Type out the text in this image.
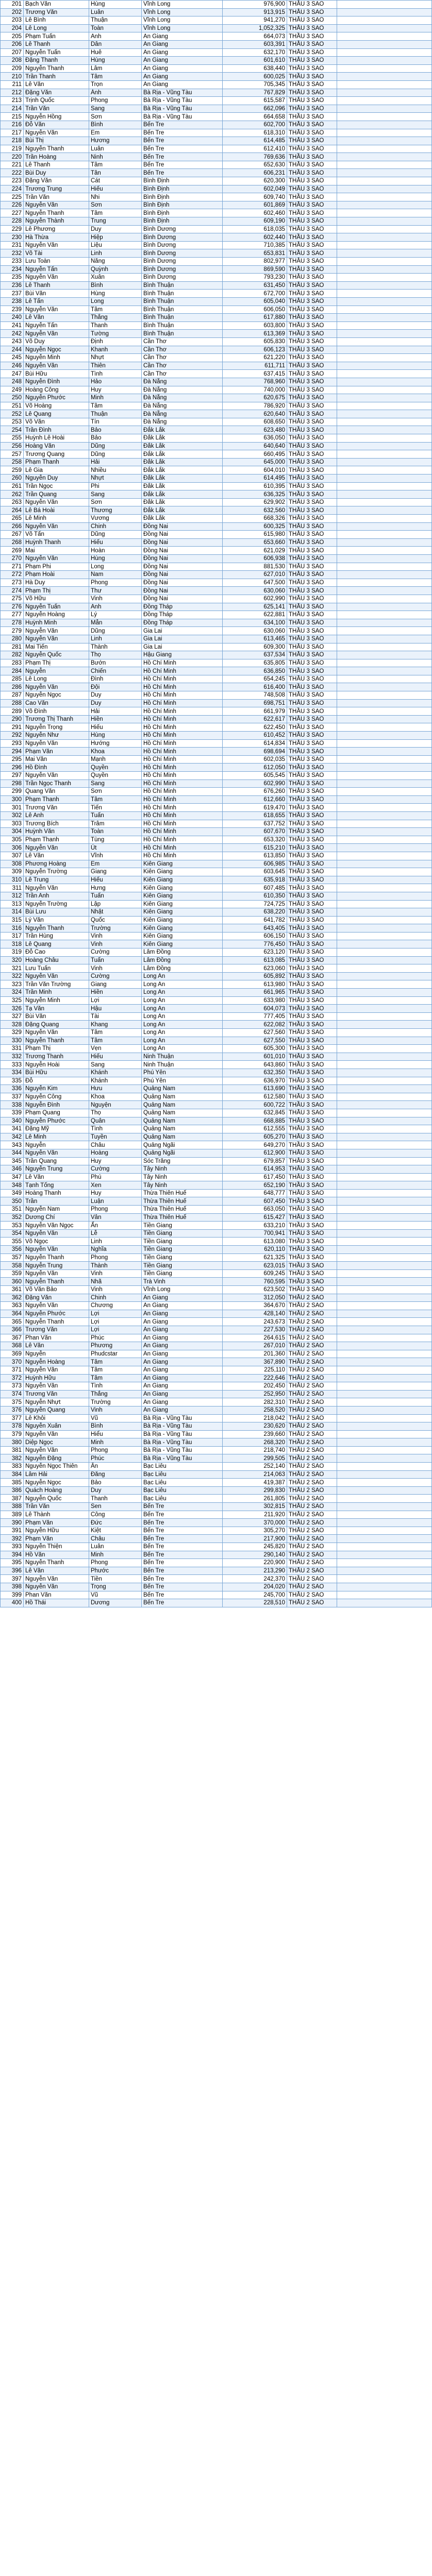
201	Bạch Văn	Hùng	Vĩnh Long	976,900	THẦU 3 SAO	
202	Trương Văn	Luân	Vĩnh Long	913,915	THẦU 3 SAO	
203	Lê Bình	Thuận	Vĩnh Long	941,270	THẦU 3 SAO	
204	Lê Long	Toàn	Vĩnh Long	1,052,325	THẦU 3 SAO	
205	Phạm Tuấn	Anh	An Giang	664,073	THẦU 3 SAO	
206	Lê Thanh	Dân	An Giang	603,391	THẦU 3 SAO	
207	Nguyễn Tuấn	Huê	An Giang	632,170	THẦU 3 SAO	
208	Đặng Thanh	Hùng	An Giang	601,610	THẦU 3 SAO	
209	Nguyễn Thanh	Lâm	An Giang	638,440	THẦU 3 SAO	
210	Trần Thanh	Tâm	An Giang	600,025	THẦU 3 SAO	
211	Lê Văn	Trọn	An Giang	705,345	THẦU 3 SAO	
212	Đặng Văn	Ánh	Bà Rịa - Vũng Tàu	767,829	THẦU 3 SAO	
213	Trịnh Quốc	Phong	Bà Rịa - Vũng Tàu	615,587	THẦU 3 SAO	
214	Trần Văn	Sang	Bà Rịa - Vũng Tàu	662,096	THẦU 3 SAO	
215	Nguyễn Hồng	Sơn	Bà Rịa - Vũng Tàu	664,658	THẦU 3 SAO	
216	Đỗ Văn	Bình	Bến Tre	602,700	THẦU 3 SAO	
217	Nguyễn Văn	Em	Bến Tre	618,310	THẦU 3 SAO	
218	Bùi Thị	Hương	Bến Tre	614,485	THẦU 3 SAO	
219	Nguyễn Thanh	Luân	Bến Tre	612,410	THẦU 3 SAO	
220	Trần Hoàng	Ninh	Bến Tre	769,636	THẦU 3 SAO	
221	Lê Thanh	Tâm	Bến Tre	652,630	THẦU 3 SAO	
222	Bùi Duy	Tân	Bến Tre	606,231	THẦU 3 SAO	
223	Đặng Văn	Cát	Bình Định	620,300	THẦU 3 SAO	
224	Trương Trung	Hiếu	Bình Định	602,049	THẦU 3 SAO	
225	Trần Văn	Nhi	Bình Định	609,740	THẦU 3 SAO	
226	Nguyễn Văn	Sơn	Bình Định	601,869	THẦU 3 SAO	
227	Nguyễn Thanh	Tâm	Bình Định	602,460	THẦU 3 SAO	
228	Nguyễn Thành	Trung	Bình Định	609,190	THẦU 3 SAO	
229	Lê Phương	Duy	Bình Dương	618,035	THẦU 3 SAO	
230	Hà Thừa	Hiệp	Bình Dương	602,440	THẦU 3 SAO	
231	Nguyễn Văn	Liệu	Bình Dương	710,385	THẦU 3 SAO	
232	Võ Tài	Linh	Bình Dương	653,831	THẦU 3 SAO	
233	Lưu Toàn	Năng	Bình Dương	802,977	THẦU 3 SAO	
234	Nguyễn Tấn	Quỳnh	Bình Dương	869,590	THẦU 3 SAO	
235	Nguyễn Văn	Xuân	Bình Dương	793,230	THẦU 3 SAO	
236	Lê Thanh	Bình	Bình Thuận	631,450	THẦU 3 SAO	
237	Bùi Văn	Hùng	Bình Thuận	672,700	THẦU 3 SAO	
238	Lê Tấn	Long	Bình Thuận	605,040	THẦU 3 SAO	
239	Nguyễn Văn	Tâm	Bình Thuận	606,050	THẦU 3 SAO	
240	Lê Văn	Thắng	Bình Thuận	617,880	THẦU 3 SAO	
241	Nguyễn Tấn	Thanh	Bình Thuận	603,800	THẦU 3 SAO	
242	Nguyễn Văn	Tường	Bình Thuận	613,369	THẦU 3 SAO	
243	Võ Duy	Định	Cần Thơ	605,830	THẦU 3 SAO	
244	Nguyễn Ngọc	Khanh	Cần Thơ	606,123	THẦU 3 SAO	
245	Nguyễn Minh	Nhựt	Cần Thơ	621,220	THẦU 3 SAO	
246	Nguyễn Văn	Thiên	Cần Thơ	611,711	THẦU 3 SAO	
247	Bùi Hữu	Tình	Cần Thơ	637,415	THẦU 3 SAO	
248	Nguyễn Đình	Hảo	Đà Nẵng	768,960	THẦU 3 SAO	
249	Hoàng Công	Huy	Đà Nẵng	740,000	THẦU 3 SAO	
250	Nguyễn Phước	Minh	Đà Nẵng	620,675	THẦU 3 SAO	
251	Võ Hoàng	Tâm	Đà Nẵng	786,920	THẦU 3 SAO	
252	Lê Quang	Thuận	Đà Nẵng	620,640	THẦU 3 SAO	
253	Võ Văn	Tín	Đà Nẵng	608,650	THẦU 3 SAO	
254	Trần Đình	Bảo	Đắk Lắk	623,480	THẦU 3 SAO	
255	Huỳnh Lê Hoài	Bảo	Đắk Lắk	636,050	THẦU 3 SAO	
256	Hoàng Văn	Dũng	Đắk Lắk	640,640	THẦU 3 SAO	
257	Trương Quang	Dũng	Đắk Lắk	660,495	THẦU 3 SAO	
258	Phạm Thanh	Hải	Đắk Lắk	645,000	THẦU 3 SAO	
259	Lê Gia	Nhiều	Đắk Lắk	604,010	THẦU 3 SAO	
260	Nguyễn Duy	Nhựt	Đắk Lắk	614,495	THẦU 3 SAO	
261	Trần Ngọc	Phi	Đắk Lắk	610,395	THẦU 3 SAO	
262	Trần Quang	Sang	Đắk Lắk	636,325	THẦU 3 SAO	
263	Nguyễn Văn	Sơn	Đắk Lắk	629,902	THẦU 3 SAO	
264	Lê Bá Hoài	Thương	Đắk Lắk	632,560	THẦU 3 SAO	
265	Lê Minh	Vương	Đắk Lắk	668,326	THẦU 3 SAO	
266	Nguyễn Văn	Chinh	Đồng Nai	600,325	THẦU 3 SAO	
267	Võ Tấn	Dũng	Đồng Nai	615,980	THẦU 3 SAO	
268	Huỳnh Thanh	Hiếu	Đồng Nai	653,660	THẦU 3 SAO	
269	Mai	Hoàn	Đồng Nai	621,029	THẦU 3 SAO	
270	Nguyễn Văn	Hùng	Đồng Nai	606,938	THẦU 3 SAO	
271	Phạm Phi	Long	Đồng Nai	881,530	THẦU 3 SAO	
272	Phạm Hoài	Nam	Đồng Nai	627,010	THẦU 3 SAO	
273	Hà Duy	Phong	Đồng Nai	647,500	THẦU 3 SAO	
274	Phạm Thị	Thư	Đồng Nai	630,060	THẦU 3 SAO	
275	Võ Hữu	Vinh	Đồng Nai	602,990	THẦU 3 SAO	
276	Nguyễn Tuấn	Anh	Đồng Tháp	625,141	THẦU 3 SAO	
277	Nguyễn Hoàng	Lý	Đồng Tháp	622,881	THẦU 3 SAO	
278	Huỳnh Minh	Mẫn	Đồng Tháp	634,100	THẦU 3 SAO	
279	Nguyễn Văn	Dũng	Gia Lai	630,060	THẦU 3 SAO	
280	Nguyễn Văn	Linh	Gia Lai	613,465	THẦU 3 SAO	
281	Mai Tiến	Thành	Gia Lai	609,300	THẦU 3 SAO	
282	Nguyễn Quốc	Thọ	Hậu Giang	637,534	THẦU 3 SAO	
283	Phạm Thị	Bướn	Hồ Chí Minh	635,805	THẦU 3 SAO	
284	Nguyễn	Chiến	Hồ Chí Minh	636,850	THẦU 3 SAO	
285	Lê Long	Đình	Hồ Chí Minh	654,245	THẦU 3 SAO	
286	Nguyễn Văn	Đội	Hồ Chí Minh	616,400	THẦU 3 SAO	
287	Nguyễn Ngọc	Duy	Hồ Chí Minh	748,508	THẦU 3 SAO	
288	Cao Văn	Duy	Hồ Chí Minh	698,751	THẦU 3 SAO	
289	Võ Đình	Hải	Hồ Chí Minh	661,979	THẦU 3 SAO	
290	Trương Thị Thanh	Hiền	Hồ Chí Minh	622,617	THẦU 3 SAO	
291	Nguyễn Trọng	Hiếu	Hồ Chí Minh	622,450	THẦU 3 SAO	
292	Nguyễn Như	Hùng	Hồ Chí Minh	610,452	THẦU 3 SAO	
293	Nguyễn Văn	Hướng	Hồ Chí Minh	614,834	THẦU 3 SAO	
294	Phạm Văn	Khoa	Hồ Chí Minh	698,694	THẦU 3 SAO	
295	Mai Văn	Mạnh	Hồ Chí Minh	602,035	THẦU 3 SAO	
296	Hồ Đình	Quyền	Hồ Chí Minh	612,050	THẦU 3 SAO	
297	Nguyễn Văn	Quyền	Hồ Chí Minh	605,545	THẦU 3 SAO	
298	Trần Ngọc Thanh	Sang	Hồ Chí Minh	602,990	THẦU 3 SAO	
299	Quang Văn	Sơn	Hồ Chí Minh	676,260	THẦU 3 SAO	
300	Phạm Thanh	Tâm	Hồ Chí Minh	612,660	THẦU 3 SAO	
301	Trương Văn	Tiến	Hồ Chí Minh	619,470	THẦU 3 SAO	
302	Lê Anh	Tuấn	Hồ Chí Minh	618,655	THẦU 3 SAO	
303	Trương Bích	Trâm	Hồ Chí Minh	637,752	THẦU 3 SAO	
304	Huỳnh Văn	Toàn	Hồ Chí Minh	607,670	THẦU 3 SAO	
305	Phạm Thanh	Tùng	Hồ Chí Minh	653,320	THẦU 3 SAO	
306	Nguyễn Văn	Út	Hồ Chí Minh	615,210	THẦU 3 SAO	
307	Lê Văn	Vĩnh	Hồ Chí Minh	613,850	THẦU 3 SAO	
308	Phương Hoàng	Em	Kiên Giang	606,985	THẦU 3 SAO	
309	Nguyễn Trường	Giang	Kiên Giang	603,645	THẦU 3 SAO	
310	Lê Trung	Hiếu	Kiên Giang	635,918	THẦU 3 SAO	
311	Nguyễn Văn	Hưng	Kiên Giang	607,485	THẦU 3 SAO	
312	Trần Anh	Tuấn	Kiên Giang	610,350	THẦU 3 SAO	
313	Nguyễn Trường	Lập	Kiên Giang	724,725	THẦU 3 SAO	
314	Bùi Lưu	Nhật	Kiên Giang	638,220	THẦU 3 SAO	
315	Lý Văn	Quốc	Kiên Giang	641,782	THẦU 3 SAO	
316	Nguyễn Thanh	Trường	Kiên Giang	643,405	THẦU 3 SAO	
317	Trần Hùng	Vinh	Kiên Giang	606,150	THẦU 3 SAO	
318	Lê Quang	Vinh	Kiên Giang	776,450	THẦU 3 SAO	
319	Đỗ Cao	Cường	Lâm Đồng	623,120	THẦU 3 SAO	
320	Hoàng Châu	Tuấn	Lâm Đồng	613,085	THẦU 3 SAO	
321	Lưu Tuấn	Vinh	Lâm Đồng	623,060	THẦU 3 SAO	
322	Nguyễn Văn	Cường	Long An	605,892	THẦU 3 SAO	
323	Trần Văn Trường	Giang	Long An	613,980	THẦU 3 SAO	
324	Trần Minh	Hiền	Long An	661,965	THẦU 3 SAO	
325	Nguyễn Minh	Lợi	Long An	633,980	THẦU 3 SAO	
326	Tạ Văn	Hậu	Long An	604,073	THẦU 3 SAO	
327	Bùi Văn	Tài	Long An	777,405	THẦU 3 SAO	
328	Đặng Quang	Khang	Long An	622,082	THẦU 3 SAO	
329	Nguyễn Văn	Tâm	Long An	627,560	THẦU 3 SAO	
330	Nguyễn Thanh	Tâm	Long An	627,550	THẦU 3 SAO	
331	Phạm Thị	Vẹn	Long An	605,300	THẦU 3 SAO	
332	Trương Thanh	Hiếu	Ninh Thuận	601,010	THẦU 3 SAO	
333	Nguyễn Hoài	Sang	Ninh Thuận	643,860	THẦU 3 SAO	
334	Bùi Hữu	Khánh	Phú Yên	632,350	THẦU 3 SAO	
335	Đỗ	Khánh	Phú Yên	636,970	THẦU 3 SAO	
336	Nguyễn Kim	Hưu	Quảng Nam	613,690	THẦU 3 SAO	
337	Nguyễn Công	Khoa	Quảng Nam	612,580	THẦU 3 SAO	
338	Nguyễn Đình	Nguyện	Quảng Nam	600,722	THẦU 3 SAO	
339	Phạm Quang	Thọ	Quảng Nam	632,845	THẦU 3 SAO	
340	Nguyễn Phước	Quân	Quảng Nam	668,885	THẦU 3 SAO	
341	Đặng Mỹ	Tình	Quảng Nam	612,555	THẦU 3 SAO	
342	Lê Minh	Tuyền	Quảng Nam	605,270	THẦU 3 SAO	
343	Nguyễn	Châu	Quảng Ngãi	649,270	THẦU 3 SAO	
344	Nguyễn Văn	Hoàng	Quảng Ngãi	612,900	THẦU 3 SAO	
345	Trần Quang	Huy	Sóc Trăng	679,857	THẦU 3 SAO	
346	Nguyễn Trung	Cường	Tây Ninh	614,953	THẦU 3 SAO	
347	Lê Văn	Phú	Tây Ninh	617,450	THẦU 3 SAO	
348	Tạnh Tống	Xen	Tây Ninh	652,190	THẦU 3 SAO	
349	Hoàng Thanh	Huy	Thừa Thiên Huế	648,777	THẦU 3 SAO	
350	Trần	Luận	Thừa Thiên Huế	607,450	THẦU 3 SAO	
351	Nguyễn Nam	Phong	Thừa Thiên Huế	663,050	THẦU 3 SAO	
352	Dương Chí	Vân	Thừa Thiên Huế	615,427	THẦU 3 SAO	
353	Nguyễn Văn Ngọc	Ẩn	Tiền Giang	633,210	THẦU 3 SAO	
354	Nguyễn Văn	Lễ	Tiền Giang	700,941	THẦU 3 SAO	
355	Võ Ngọc	Linh	Tiền Giang	613,080	THẦU 3 SAO	
356	Nguyễn Văn	Nghĩa	Tiền Giang	620,110	THẦU 3 SAO	
357	Nguyễn Thanh	Phong	Tiền Giang	621,325	THẦU 3 SAO	
358	Nguyễn Trung	Thành	Tiền Giang	623,015	THẦU 3 SAO	
359	Nguyễn Văn	Vinh	Tiền Giang	609,245	THẦU 3 SAO	
360	Nguyễn Thanh	Nhã	Trà Vinh	760,595	THẦU 3 SAO	
361	Võ Văn Bảo	Vinh	Vĩnh Long	623,502	THẦU 3 SAO	
362	Đặng Văn	Chinh	An Giang	312,050	THẦU 2 SAO	
363	Nguyễn Văn	Chương	An Giang	364,670	THẦU 2 SAO	
364	Nguyễn Phước	Lợi	An Giang	428,140	THẦU 2 SAO	
365	Nguyễn Thanh	Lợi	An Giang	243,673	THẦU 2 SAO	
366	Trương Văn	Lợi	An Giang	227,530	THẦU 2 SAO	
367	Phan Văn	Phúc	An Giang	264,615	THẦU 2 SAO	
368	Lê Văn	Phương	An Giang	267,010	THẦU 2 SAO	
369	Nguyễn	Phudcstar	An Giang	201,360	THẦU 2 SAO	
370	Nguyễn Hoàng	Tâm	An Giang	367,890	THẦU 2 SAO	
371	Nguyễn Văn	Tâm	An Giang	225,110	THẦU 2 SAO	
372	Huỳnh Hữu	Tâm	An Giang	222,646	THẦU 2 SAO	
373	Nguyễn Văn	Tình	An Giang	202,450	THẦU 2 SAO	
374	Trương Văn	Thẳng	An Giang	252,950	THẦU 2 SAO	
375	Nguyễn Nhựt	Trường	An Giang	282,310	THẦU 2 SAO	
376	Nguyễn Quang	Vinh	An Giang	258,520	THẦU 2 SAO	
377	Lê Khôi	Vũ	Bà Rịa - Vũng Tàu	218,042	THẦU 2 SAO	
378	Nguyễn Xuân	Bình	Bà Rịa - Vũng Tàu	230,620	THẦU 2 SAO	
379	Nguyễn Văn	Hiểu	Bà Rịa - Vũng Tàu	239,660	THẦU 2 SAO	
380	Diệp Ngọc	Minh	Bà Rịa - Vũng Tàu	268,320	THẦU 2 SAO	
381	Nguyễn Văn	Phong	Bà Rịa - Vũng Tàu	218,740	THẦU 2 SAO	
382	Nguyễn Đặng	Phúc	Bà Rịa - Vũng Tàu	299,505	THẦU 2 SAO	
383	Nguyễn Ngọc Thiên	Ân	Bạc Liêu	252,140	THẦU 2 SAO	
384	Lâm Hải	Đăng	Bạc Liêu	214,063	THẦU 2 SAO	
385	Nguyễn Ngọc	Bảo	Bạc Liêu	419,387	THẦU 2 SAO	
386	Quách Hoàng	Duy	Bạc Liêu	299,830	THẦU 2 SAO	
387	Nguyễn Quốc	Thanh	Bạc Liêu	261,805	THẦU 2 SAO	
388	Trần Văn	Sen	Bến Tre	302,815	THẦU 2 SAO	
389	Lê Thành	Công	Bến Tre	211,920	THẦU 2 SAO	
390	Phạm Văn	Đức	Bến Tre	370,000	THẦU 2 SAO	
391	Nguyễn Hữu	Kiệt	Bến Tre	305,270	THẦU 2 SAO	
392	Phạm Văn	Châu	Bến Tre	217,900	THẦU 2 SAO	
393	Nguyễn Thiện	Luân	Bến Tre	245,820	THẦU 2 SAO	
394	Hồ Văn	Minh	Bến Tre	290,140	THẦU 2 SAO	
395	Nguyễn Thanh	Phong	Bến Tre	220,900	THẦU 2 SAO	
396	Lê Văn	Phước	Bến Tre	213,290	THẦU 2 SAO	
397	Nguyễn Văn	Tiền	Bến Tre	242,370	THẦU 2 SAO	
398	Nguyễn Văn	Trọng	Bến Tre	204,020	THẦU 2 SAO	
399	Phan Văn	Vũ	Bến Tre	245,700	THẦU 2 SAO	
400	Hồ Thái	Dương	Bến Tre	228,510	THẦU 2 SAO	
